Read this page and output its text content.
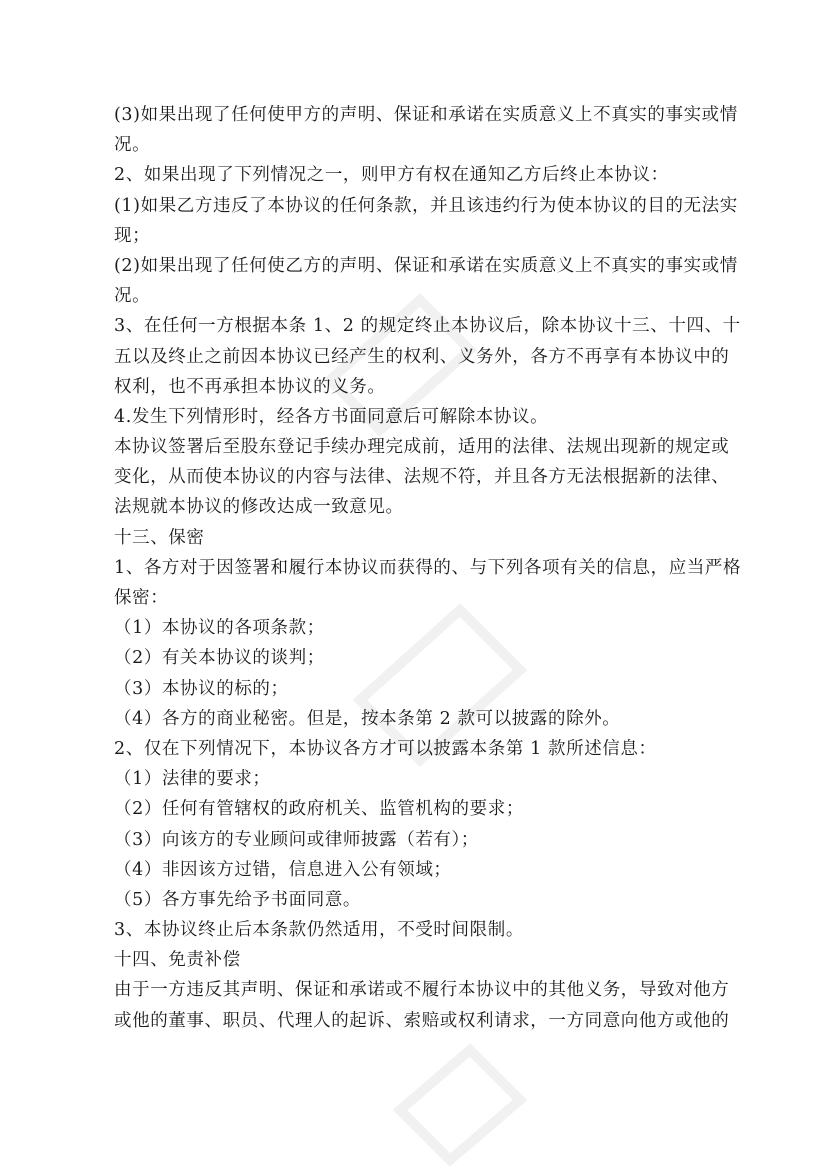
(3)如果出现了任何使甲方的声明、保证和承诺在实质意义上不真实的事实或情
况。
2、如果出现了下列情况之一，则甲方有权在通知乙方后终止本协议：
(1)如果乙方违反了本协议的任何条款，并且该违约行为使本协议的目的无法实
现；
(2)如果出现了任何使乙方的声明、保证和承诺在实质意义上不真实的事实或情
况。
3、在任何一方根据本条 1、2 的规定终止本协议后，除本协议十三、十四、十
五以及终止之前因本协议已经产生的权利、义务外，各方不再享有本协议中的
权利，也不再承担本协议的义务。
4.发生下列情形时，经各方书面同意后可解除本协议。
本协议签署后至股东登记手续办理完成前，适用的法律、法规出现新的规定或
变化，从而使本协议的内容与法律、法规不符，并且各方无法根据新的法律、
法规就本协议的修改达成一致意见。
十三、保密
1、各方对于因签署和履行本协议而获得的、与下列各项有关的信息，应当严格
保密：
（1）本协议的各项条款；
（2）有关本协议的谈判；
（3）本协议的标的；
（4）各方的商业秘密。但是，按本条第 2 款可以披露的除外。
2、仅在下列情况下，本协议各方才可以披露本条第 1 款所述信息：
（1）法律的要求；
（2）任何有管辖权的政府机关、监管机构的要求；
（3）向该方的专业顾问或律师披露（若有）；
（4）非因该方过错，信息进入公有领域；
（5）各方事先给予书面同意。
3、本协议终止后本条款仍然适用，不受时间限制。
十四、免责补偿
由于一方违反其声明、保证和承诺或不履行本协议中的其他义务，导致对他方
或他的董事、职员、代理人的起诉、索赔或权利请求，一方同意向他方或他的
